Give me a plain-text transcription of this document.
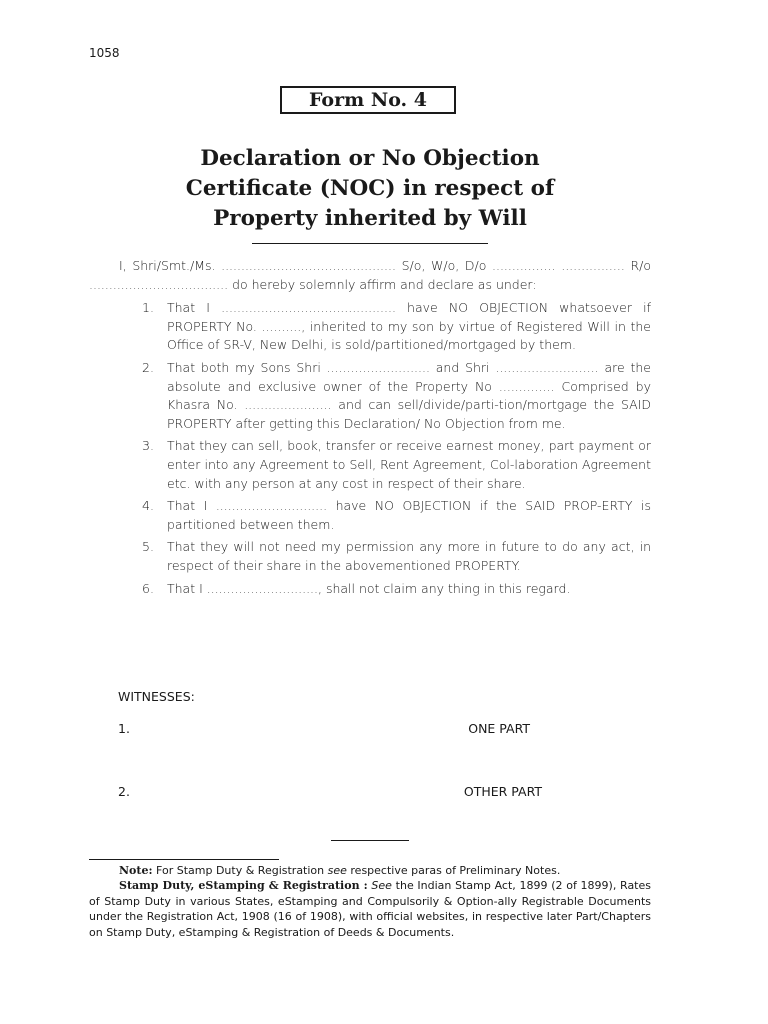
1058
Form No. 4
Declaration or No Objection
Certificate (NOC) in respect of
Property inherited by Will

I, Shri/Smt./Ms. ............................................ S/o, W/o, D/o ................ ................ R/o ................................... do hereby solemnly affirm and declare as under:

1. That I ............................................ have NO OBJECTION whatsoever if PROPERTY No. .........., inherited to my son by virtue of Registered Will in the Office of SR-V, New Delhi, is sold/partitioned/mortgaged by them.
2. That both my Sons Shri .......................... and Shri .......................... are the absolute and exclusive owner of the Property No .............. Comprised by Khasra No. ...................... and can sell/divide/parti-tion/mortgage the SAID PROPERTY after getting this Declaration/ No Objection from me.
3. That they can sell, book, transfer or receive earnest money, part payment or enter into any Agreement to Sell, Rent Agreement, Col-laboration Agreement etc. with any person at any cost in respect of their share.
4. That I ............................ have NO OBJECTION if the SAID PROP-ERTY is partitioned between them.
5. That they will not need my permission any more in future to do any act, in respect of their share in the abovementioned PROPERTY.
6. That I ............................, shall not claim any thing in this regard.
WITNESSES:
1.	ONE PART
2.	OTHER PART

Note: For Stamp Duty & Registration see respective paras of Preliminary Notes.

Stamp Duty, eStamping & Registration : See the Indian Stamp Act, 1899 (2 of 1899), Rates of Stamp Duty in various States, eStamping and Compulsorily & Option-ally Registrable Documents under the Registration Act, 1908 (16 of 1908), with official websites, in respective later Part/Chapters on Stamp Duty, eStamping & Registration of Deeds & Documents.
